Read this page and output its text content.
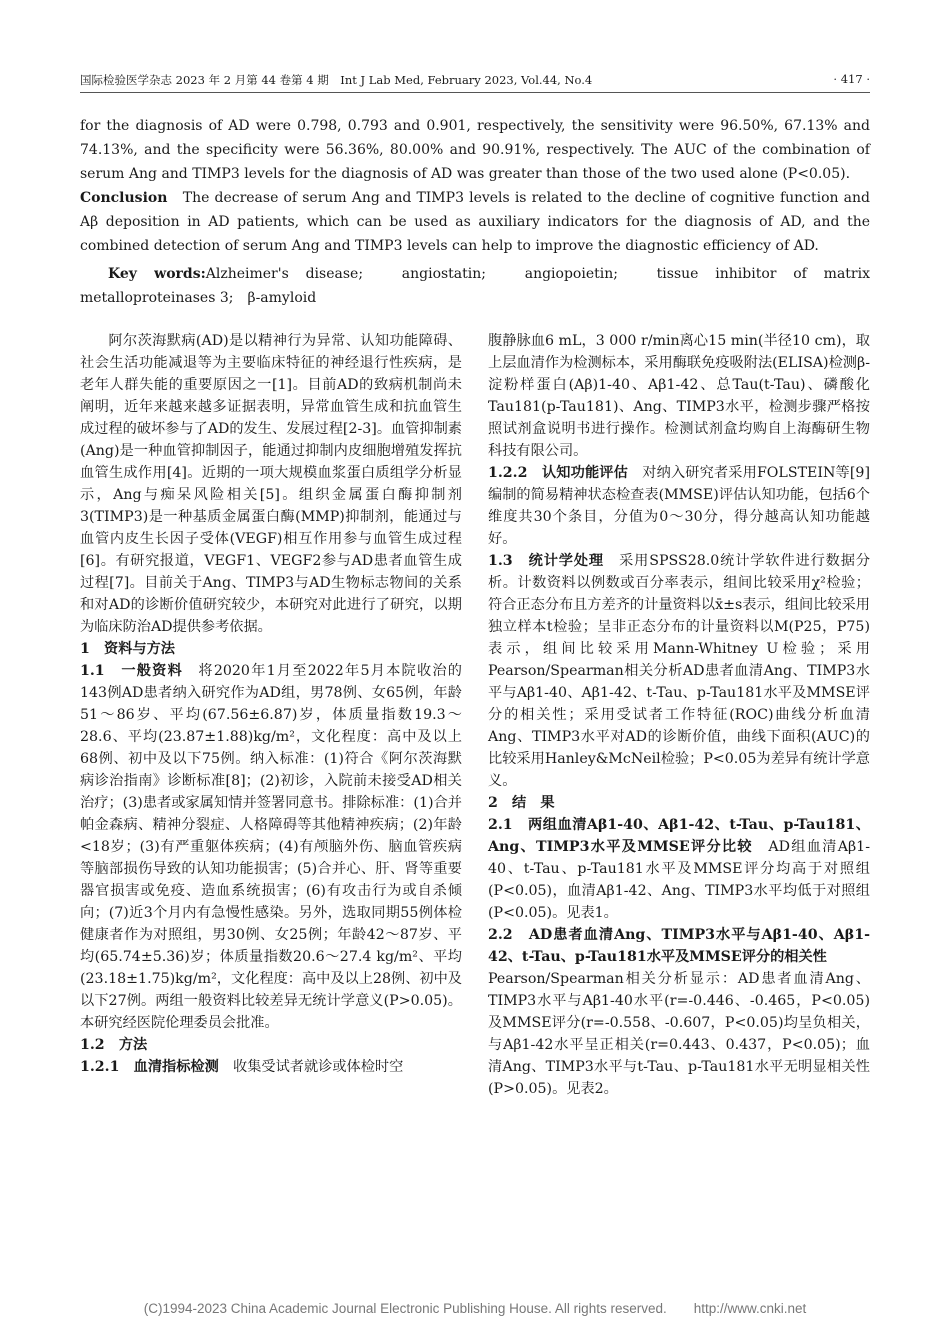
国际检验医学杂志 2023 年 2 月第 44 卷第 4 期　Int J Lab Med, February 2023, Vol.44, No.4	· 417 ·

for the diagnosis of AD were 0.798, 0.793 and 0.901, respectively, the sensitivity were 96.50%, 67.13% and 74.13%, and the specificity were 56.36%, 80.00% and 90.91%, respectively. The AUC of the combination of serum Ang and TIMP3 levels for the diagnosis of AD was greater than those of the two used alone (P<0.05).

Conclusion　The decrease of serum Ang and TIMP3 levels is related to the decline of cognitive function and Aβ deposition in AD patients, which can be used as auxiliary indicators for the diagnosis of AD, and the combined detection of serum Ang and TIMP3 levels can help to improve the diagnostic efficiency of AD.

Key words:Alzheimer's disease;　angiostatin;　angiopoietin;　tissue inhibitor of matrix metalloproteinases 3;　β-amyloid

阿尔茨海默病(AD)是以精神行为异常、认知功能障碍、社会生活功能减退等为主要临床特征的神经退行性疾病，是老年人群失能的重要原因之一[1]。目前AD的致病机制尚未阐明，近年来越来越多证据表明，异常血管生成和抗血管生成过程的破坏参与了AD的发生、发展过程[2-3]。血管抑制素(Ang)是一种血管抑制因子，能通过抑制内皮细胞增殖发挥抗血管生成作用[4]。近期的一项大规模血浆蛋白质组学分析显示，Ang与痴呆风险相关[5]。组织金属蛋白酶抑制剂3(TIMP3)是一种基质金属蛋白酶(MMP)抑制剂，能通过与血管内皮生长因子受体(VEGF)相互作用参与血管生成过程[6]。有研究报道，VEGF1、VEGF2参与AD患者血管生成过程[7]。目前关于Ang、TIMP3与AD生物标志物间的关系和对AD的诊断价值研究较少，本研究对此进行了研究，以期为临床防治AD提供参考依据。

1　资料与方法

1.1　一般资料　将2020年1月至2022年5月本院收治的143例AD患者纳入研究作为AD组，男78例、女65例，年龄51～86岁、平均(67.56±6.87)岁，体质量指数19.3～28.6、平均(23.87±1.88)kg/m²，文化程度：高中及以上68例、初中及以下75例。纳入标准：(1)符合《阿尔茨海默病诊治指南》诊断标准[8]；(2)初诊，入院前未接受AD相关治疗；(3)患者或家属知情并签署同意书。排除标准：(1)合并帕金森病、精神分裂症、人格障碍等其他精神疾病；(2)年龄<18岁；(3)有严重躯体疾病；(4)有颅脑外伤、脑血管疾病等脑部损伤导致的认知功能损害；(5)合并心、肝、肾等重要器官损害或免疫、造血系统损害；(6)有攻击行为或自杀倾向；(7)近3个月内有急慢性感染。另外，选取同期55例体检健康者作为对照组，男30例、女25例；年龄42～87岁、平均(65.74±5.36)岁；体质量指数20.6～27.4 kg/m²、平均(23.18±1.75)kg/m²，文化程度：高中及以上28例、初中及以下27例。两组一般资料比较差异无统计学意义(P>0.05)。本研究经医院伦理委员会批准。

1.2　方法

1.2.1　血清指标检测　收集受试者就诊或体检时空

腹静脉血6 mL，3 000 r/min离心15 min(半径10 cm)，取上层血清作为检测标本，采用酶联免疫吸附法(ELISA)检测β-淀粉样蛋白(Aβ)1-40、Aβ1-42、总Tau(t-Tau)、磷酸化Tau181(p-Tau181)、Ang、TIMP3水平，检测步骤严格按照试剂盒说明书进行操作。检测试剂盒均购自上海酶研生物科技有限公司。

1.2.2　认知功能评估　对纳入研究者采用FOLSTEIN等[9]编制的简易精神状态检查表(MMSE)评估认知功能，包括6个维度共30个条目，分值为0～30分，得分越高认知功能越好。

1.3　统计学处理　采用SPSS28.0统计学软件进行数据分析。计数资料以例数或百分率表示，组间比较采用χ²检验；符合正态分布且方差齐的计量资料以x̄±s表示，组间比较采用独立样本t检验；呈非正态分布的计量资料以M(P25，P75)表示，组间比较采用Mann-Whitney U检验；采用Pearson/Spearman相关分析AD患者血清Ang、TIMP3水平与Aβ1-40、Aβ1-42、t-Tau、p-Tau181水平及MMSE评分的相关性；采用受试者工作特征(ROC)曲线分析血清Ang、TIMP3水平对AD的诊断价值，曲线下面积(AUC)的比较采用Hanley&McNeil检验；P<0.05为差异有统计学意义。

2　结　果

2.1　两组血清Aβ1-40、Aβ1-42、t-Tau、p-Tau181、Ang、TIMP3水平及MMSE评分比较　AD组血清Aβ1-40、t-Tau、p-Tau181水平及MMSE评分均高于对照组(P<0.05)，血清Aβ1-42、Ang、TIMP3水平均低于对照组(P<0.05)。见表1。

2.2　AD患者血清Ang、TIMP3水平与Aβ1-40、Aβ1-42、t-Tau、p-Tau181水平及MMSE评分的相关性

Pearson/Spearman相关分析显示：AD患者血清Ang、TIMP3水平与Aβ1-40水平(r=-0.446、-0.465，P<0.05)及MMSE评分(r=-0.558、-0.607，P<0.05)均呈负相关，与Aβ1-42水平呈正相关(r=0.443、0.437，P<0.05)；血清Ang、TIMP3水平与t-Tau、p-Tau181水平无明显相关性(P>0.05)。见表2。

(C)1994-2023 China Academic Journal Electronic Publishing House. All rights reserved.　　http://www.cnki.net
